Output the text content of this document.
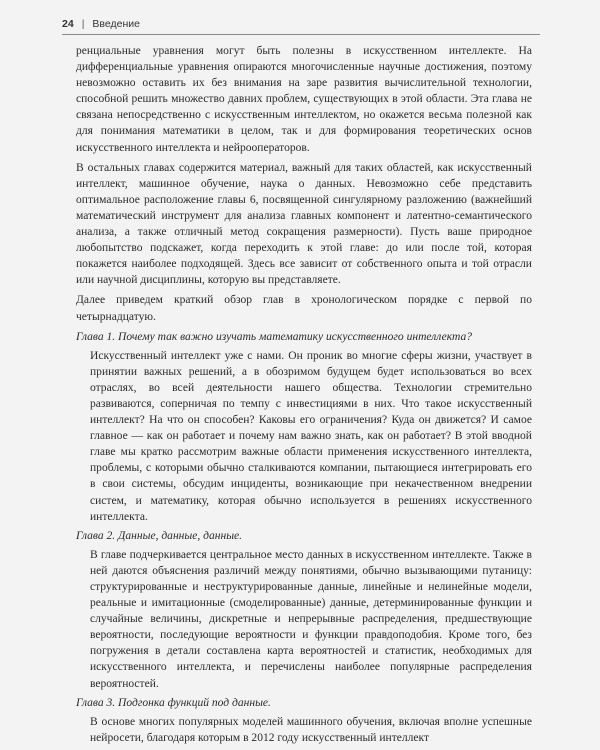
24 | Введение

ренциальные уравнения могут быть полезны в искусственном интеллекте. На дифференциальные уравнения опираются многочисленные научные достижения, поэтому невозможно оставить их без внимания на заре развития вычислительной технологии, способной решить множество давних проблем, существующих в этой области. Эта глава не связана непосредственно с искусственным интеллектом, но окажется весьма полезной как для понимания математики в целом, так и для формирования теоретических основ искусственного интеллекта и нейрооператоров.

В остальных главах содержится материал, важный для таких областей, как искусственный интеллект, машинное обучение, наука о данных. Невозможно себе представить оптимальное расположение главы 6, посвященной сингулярному разложению (важнейший математический инструмент для анализа главных компонент и латентно-семантического анализа, а также отличный метод сокращения размерности). Пусть ваше природное любопытство подскажет, когда переходить к этой главе: до или после той, которая покажется наиболее подходящей. Здесь все зависит от собственного опыта и той отрасли или научной дисциплины, которую вы представляете.

Далее приведем краткий обзор глав в хронологическом порядке с первой по четырнадцатую.

Глава 1. Почему так важно изучать математику искусственного интеллекта?

Искусственный интеллект уже с нами. Он проник во многие сферы жизни, участвует в принятии важных решений, а в обозримом будущем будет использоваться во всех отраслях, во всей деятельности нашего общества. Технологии стремительно развиваются, соперничая по темпу с инвестициями в них. Что такое искусственный интеллект? На что он способен? Каковы его ограничения? Куда он движется? И самое главное — как он работает и почему нам важно знать, как он работает? В этой вводной главе мы кратко рассмотрим важные области применения искусственного интеллекта, проблемы, с которыми обычно сталкиваются компании, пытающиеся интегрировать его в свои системы, обсудим инциденты, возникающие при некачественном внедрении систем, и математику, которая обычно используется в решениях искусственного интеллекта.

Глава 2. Данные, данные, данные.

В главе подчеркивается центральное место данных в искусственном интеллекте. Также в ней даются объяснения различий между понятиями, обычно вызывающими путаницу: структурированные и неструктурированные данные, линейные и нелинейные модели, реальные и имитационные (смоделированные) данные, детерминированные функции и случайные величины, дискретные и непрерывные распределения, предшествующие вероятности, последующие вероятности и функции правдоподобия. Кроме того, без погружения в детали составлена карта вероятностей и статистик, необходимых для искусственного интеллекта, и перечислены наиболее популярные распределения вероятностей.

Глава 3. Подгонка функций под данные.

В основе многих популярных моделей машинного обучения, включая вполне успешные нейросети, благодаря которым в 2012 году искусственный интеллект
